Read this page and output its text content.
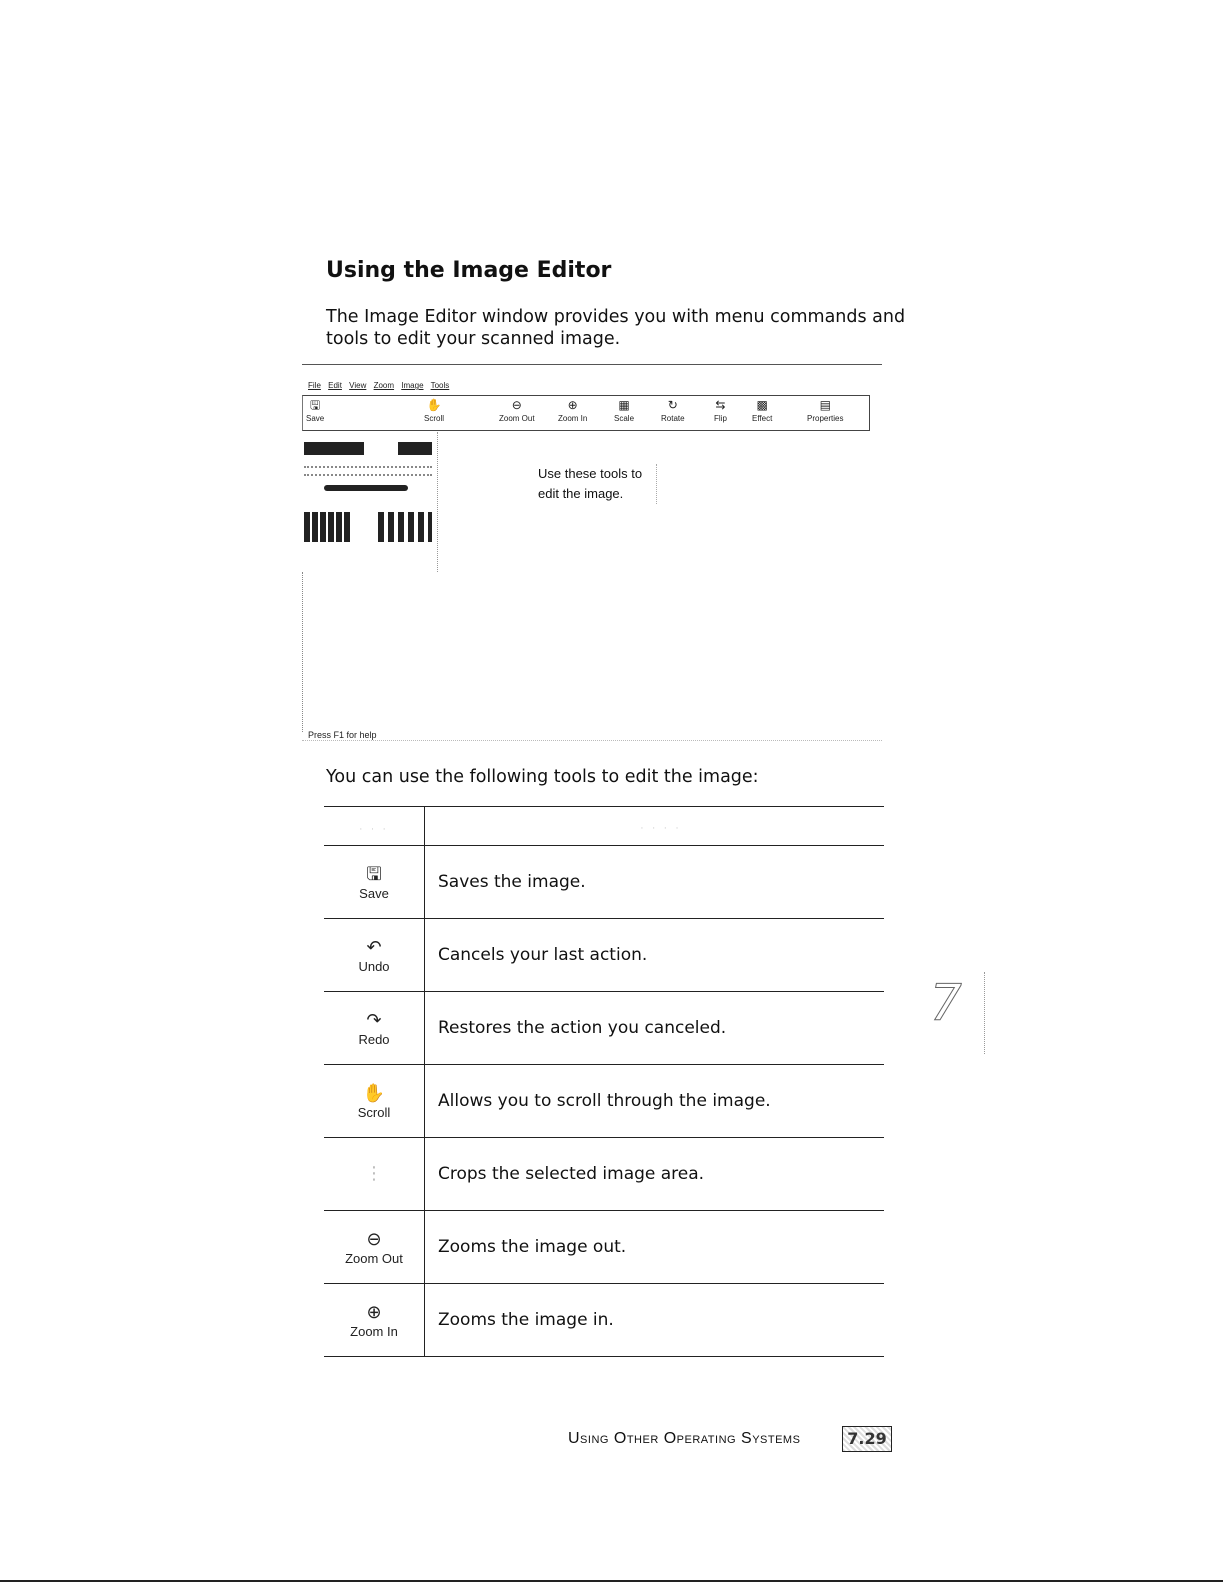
Using the Image Editor

The Image Editor window provides you with menu commands and tools to edit your scanned image.

File Edit View Zoom Image Tools
🖫
Save
✋
Scroll
⊖
Zoom Out
⊕
Zoom In
▦
Scale
↻
Rotate
⇆
Flip
▩
Effect
▤
Properties
Use these tools to
edit the image.
Press F1 for help

You can use the following tools to edit the image:

· · ·	· · · ·

🖫
Save	Saves the image.

↶
Undo	Cancels your last action.

↷
Redo	Restores the action you canceled.

✋
Scroll	Allows you to scroll through the image.

⋮	Crops the selected image area.

⊖
Zoom Out	Zooms the image out.

⊕
Zoom In	Zooms the image in.
7
Using Other Operating Systems	7.29
